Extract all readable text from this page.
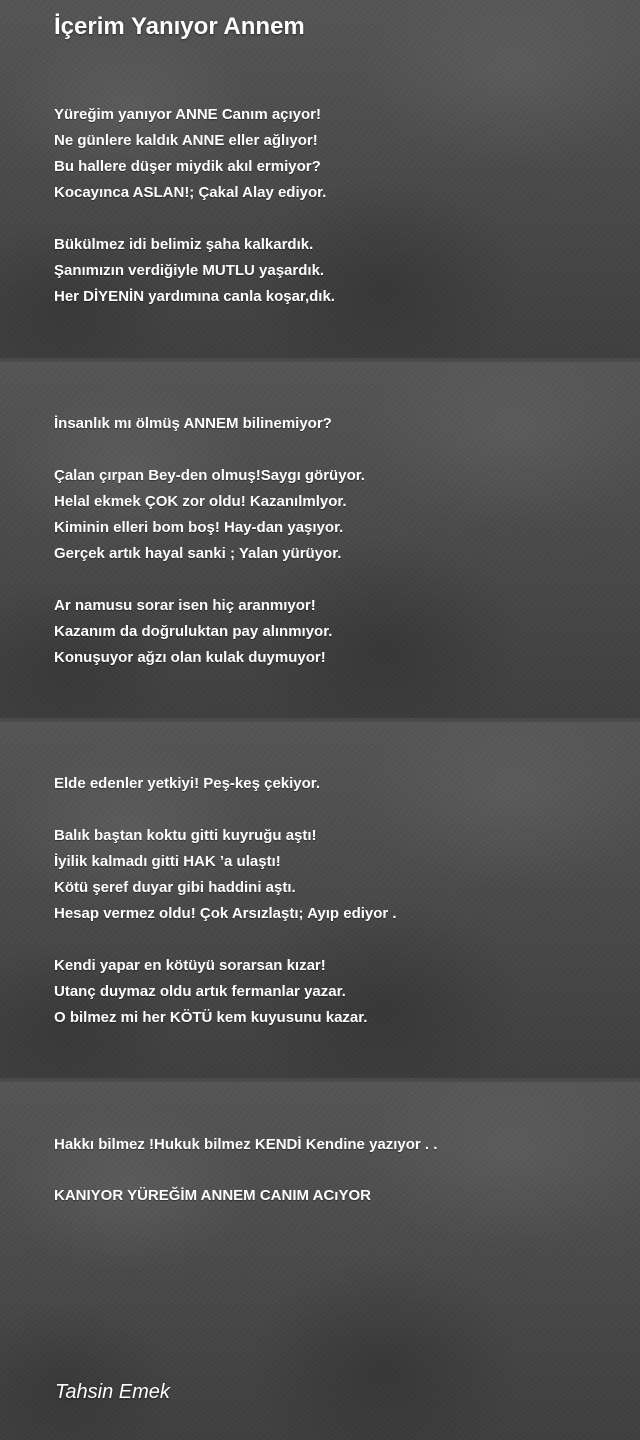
İçerim Yanıyor Annem
Yüreğim yanıyor ANNE Canım açıyor!
Ne günlere kaldık ANNE eller ağlıyor!
Bu hallere düşer miydik akıl ermiyor?
Kocayınca ASLAN!; Çakal Alay ediyor.
Bükülmez idi belimiz şaha kalkardık.
Şanımızın verdiğiyle MUTLU yaşardık.
Her DİYENİN yardımına canla koşar,dık.
İnsanlık mı ölmüş ANNEM bilinemiyor?
Çalan çırpan Bey-den olmuş!Saygı görüyor.
Helal ekmek ÇOK zor oldu! Kazanılmlyor.
Kiminin elleri bom boş! Hay-dan yaşıyor.
Gerçek artık hayal sanki ; Yalan yürüyor.
Ar namusu sorar isen hiç aranmıyor!
Kazanım da doğruluktan pay alınmıyor.
Konuşuyor ağzı olan kulak duymuyor!
Elde edenler yetkiyi! Peş-keş çekiyor.
Balık baştan koktu gitti kuyruğu aştı!
İyilik kalmadı gitti HAK ’a ulaştı!
Kötü şeref duyar gibi haddini aştı.
Hesap vermez oldu! Çok Arsızlaştı; Ayıp ediyor .
Kendi yapar en kötüyü sorarsan kızar!
Utanç duymaz oldu artık fermanlar yazar.
O bilmez mi her KÖTÜ kem kuyusunu kazar.
Hakkı bilmez !Hukuk bilmez KENDİ Kendine yazıyor . .
KANIYOR YÜREĞİM ANNEM CANIM ACıYOR

Tahsin Emek
